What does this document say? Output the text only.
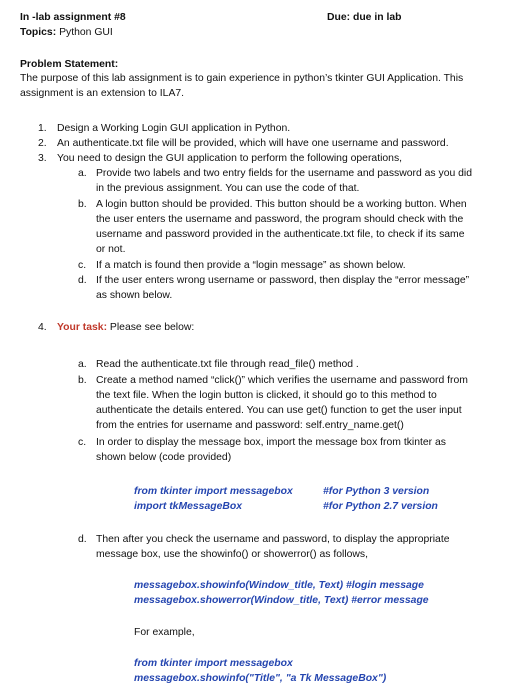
In -lab assignment #8	Due: due in lab
Topics: Python GUI
Problem Statement:
The purpose of this lab assignment is to gain experience in python’s tkinter GUI Application. This
assignment is an extension to ILA7.
1. Design a Working Login GUI application in Python.
2. An authenticate.txt file will be provided, which will have one username and password.
3. You need to design the GUI application to perform the following operations,
a. Provide two labels and two entry fields for the username and password as you did
in the previous assignment. You can use the code of that.
b. A login button should be provided. This button should be a working button. When
the user enters the username and password, the program should check with the
username and password provided in the authenticate.txt file, to check if its same
or not.
c. If a match is found then provide a “login message” as shown below.
d. If the user enters wrong username or password, then display the “error message”
as shown below.
4. Your task: Please see below:
a. Read the authenticate.txt file through read_file() method .
b. Create a method named “click()” which verifies the username and password from
the text file. When the login button is clicked, it should go to this method to
authenticate the details entered. You can use get() function to get the user input
from the entries for username and password: self.entry_name.get()
c. In order to display the message box, import the message box from tkinter as
shown below (code provided)
from tkinter import messagebox	#for Python 3 version
import tkMessageBox	#for Python 2.7 version
d. Then after you check the username and password, to display the appropriate
message box, use the showinfo() or showerror() as follows,
messagebox.showinfo(Window_title, Text) #login message
messagebox.showerror(Window_title, Text) #error message
For example,
from tkinter import messagebox
messagebox.showinfo("Title", "a Tk MessageBox")
